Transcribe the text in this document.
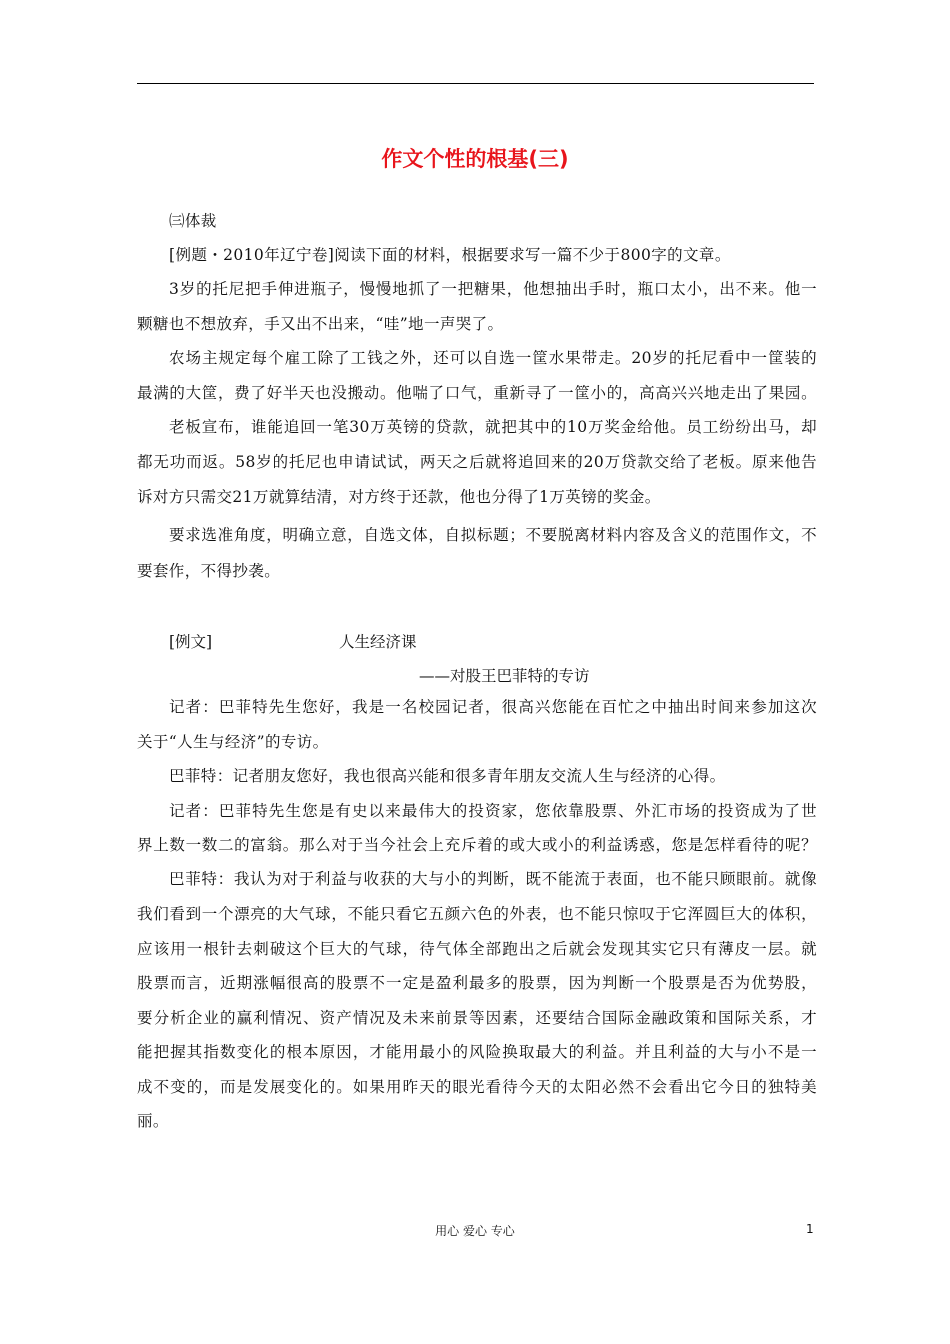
作文个性的根基(三)
㈢体裁
[例题・2010年辽宁卷]阅读下面的材料，根据要求写一篇不少于800字的文章。
3岁的托尼把手伸进瓶子，慢慢地抓了一把糖果，他想抽出手时，瓶口太小，出不来。他一
颗糖也不想放弃，手又出不出来，“哇”地一声哭了。
农场主规定每个雇工除了工钱之外，还可以自选一筐水果带走。20岁的托尼看中一筐装的
最满的大筐，费了好半天也没搬动。他喘了口气，重新寻了一筐小的，高高兴兴地走出了果园。
老板宣布，谁能追回一笔30万英镑的贷款，就把其中的10万奖金给他。员工纷纷出马，却
都无功而返。58岁的托尼也申请试试，两天之后就将追回来的20万贷款交给了老板。原来他告
诉对方只需交21万就算结清，对方终于还款，他也分得了1万英镑的奖金。
要求选准角度，明确立意，自选文体，自拟标题；不要脱离材料内容及含义的范围作文，不
要套作，不得抄袭。
[例文]	人生经济课
——对股王巴菲特的专访
记者：巴菲特先生您好，我是一名校园记者，很高兴您能在百忙之中抽出时间来参加这次
关于“人生与经济”的专访。
巴菲特：记者朋友您好，我也很高兴能和很多青年朋友交流人生与经济的心得。
记者：巴菲特先生您是有史以来最伟大的投资家，您依靠股票、外汇市场的投资成为了世
界上数一数二的富翁。那么对于当今社会上充斥着的或大或小的利益诱惑，您是怎样看待的呢？
巴菲特：我认为对于利益与收获的大与小的判断，既不能流于表面，也不能只顾眼前。就像
我们看到一个漂亮的大气球，不能只看它五颜六色的外表，也不能只惊叹于它浑圆巨大的体积，
应该用一根针去刺破这个巨大的气球，待气体全部跑出之后就会发现其实它只有薄皮一层。就
股票而言，近期涨幅很高的股票不一定是盈利最多的股票，因为判断一个股票是否为优势股，
要分析企业的赢利情况、资产情况及未来前景等因素，还要结合国际金融政策和国际关系，才
能把握其指数变化的根本原因，才能用最小的风险换取最大的利益。并且利益的大与小不是一
成不变的，而是发展变化的。如果用昨天的眼光看待今天的太阳必然不会看出它今日的独特美
丽。
用心 爱心 专心	1
